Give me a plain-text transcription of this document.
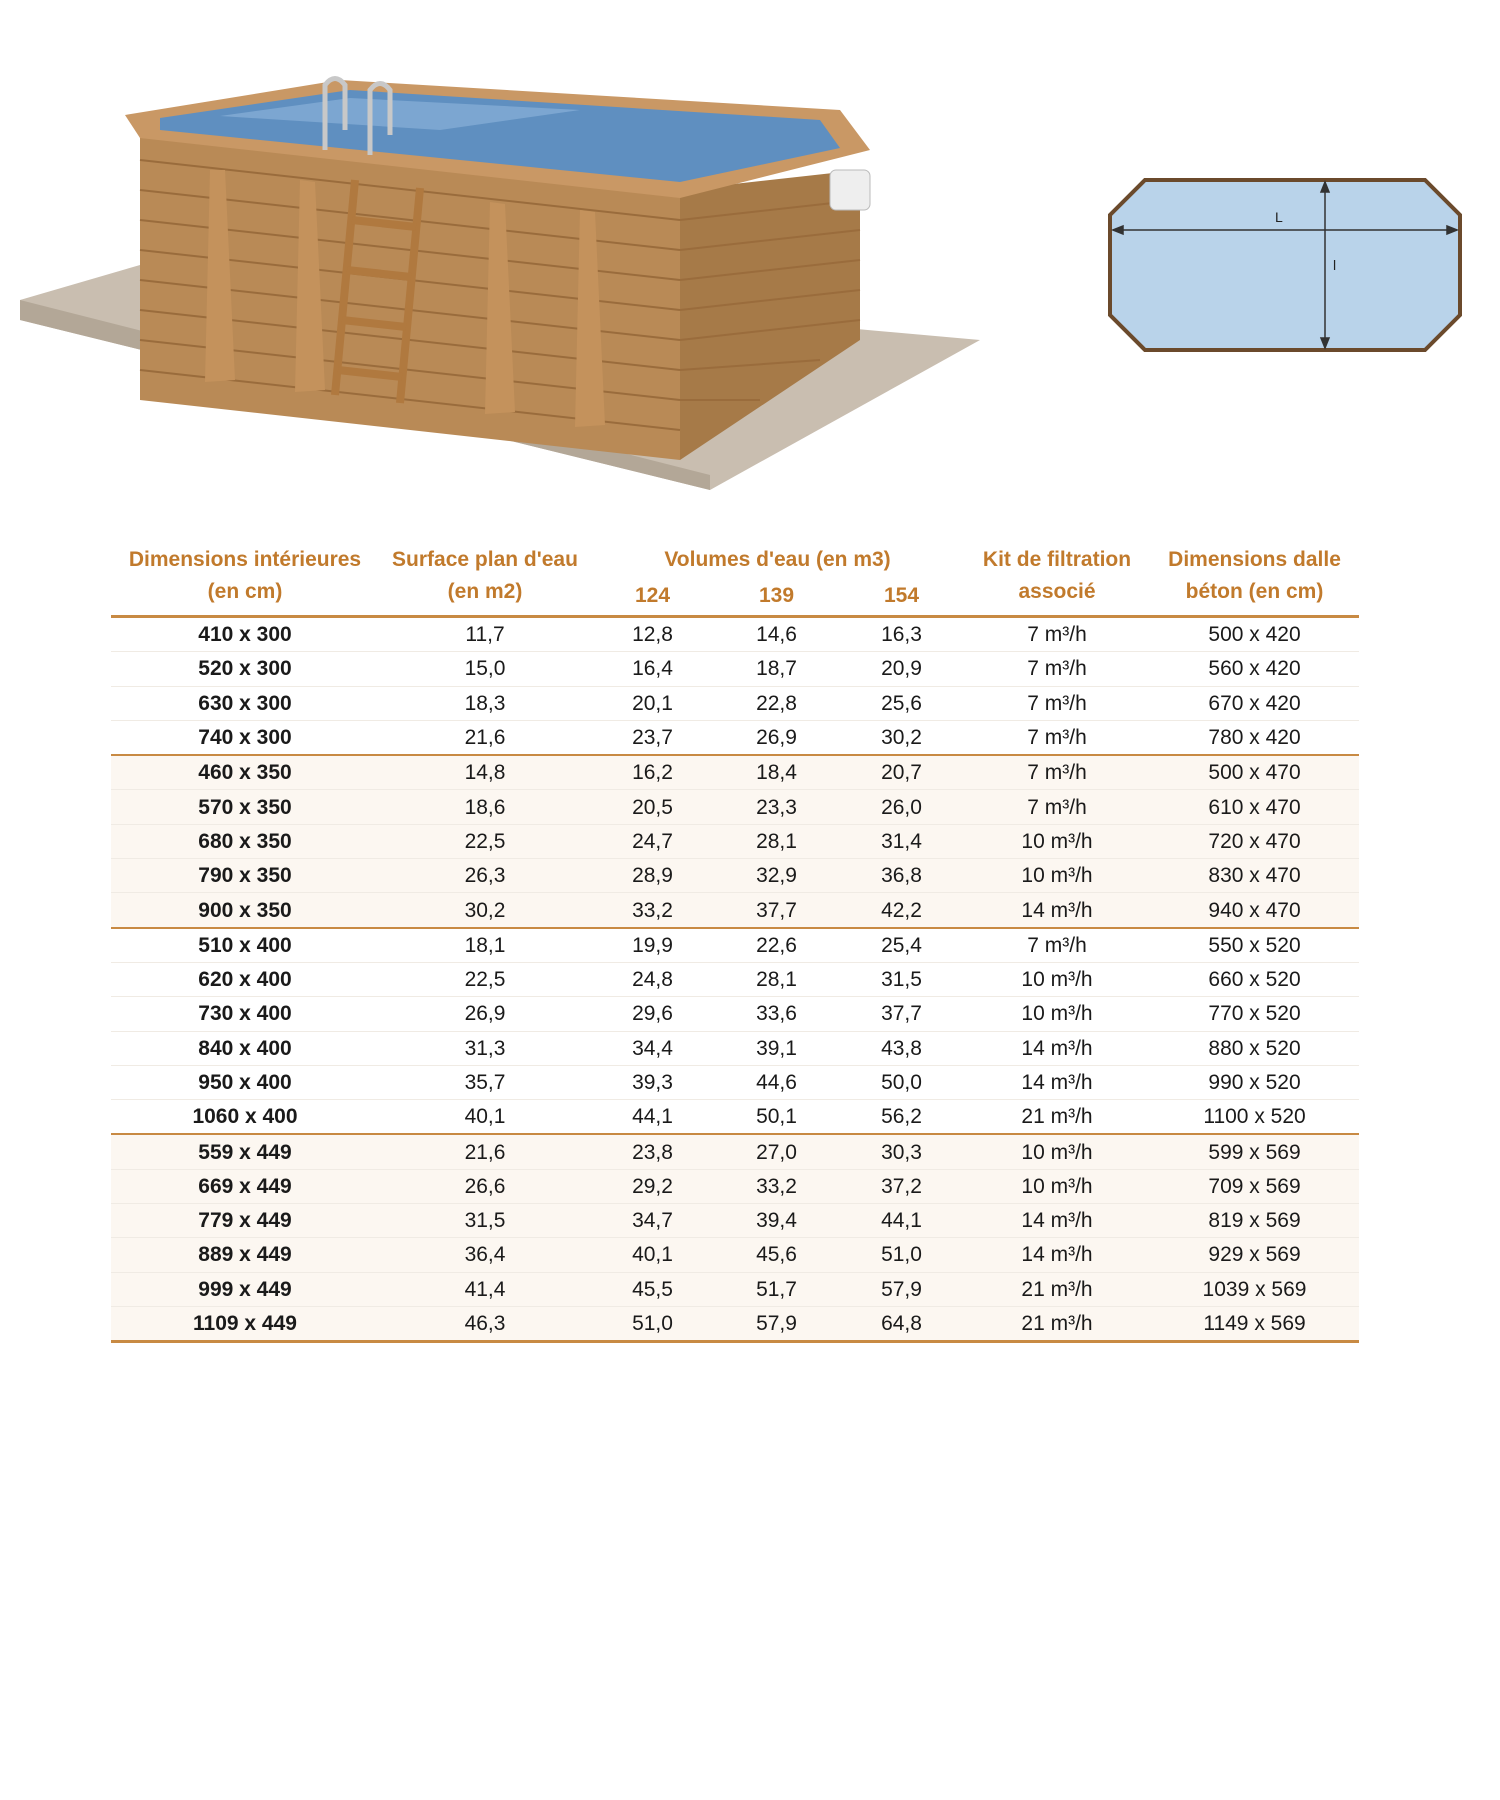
L
l
Dimensions intérieures	Surface plan d'eau	Volumes d'eau (en m3)			Kit de filtration	Dimensions dalle
(en cm)	(en m2)	124	139	154	associé	béton (en cm)
410 x 300	11,7	12,8	14,6	16,3	7 m³/h	500 x 420
520 x 300	15,0	16,4	18,7	20,9	7 m³/h	560 x 420
630 x 300	18,3	20,1	22,8	25,6	7 m³/h	670 x 420
740 x 300	21,6	23,7	26,9	30,2	7 m³/h	780 x 420
460 x 350	14,8	16,2	18,4	20,7	7 m³/h	500 x 470
570 x 350	18,6	20,5	23,3	26,0	7 m³/h	610 x 470
680 x 350	22,5	24,7	28,1	31,4	10 m³/h	720 x 470
790 x 350	26,3	28,9	32,9	36,8	10 m³/h	830 x 470
900 x 350	30,2	33,2	37,7	42,2	14 m³/h	940 x 470
510 x 400	18,1	19,9	22,6	25,4	7 m³/h	550 x 520
620 x 400	22,5	24,8	28,1	31,5	10 m³/h	660 x 520
730 x 400	26,9	29,6	33,6	37,7	10 m³/h	770 x 520
840 x 400	31,3	34,4	39,1	43,8	14 m³/h	880 x 520
950 x 400	35,7	39,3	44,6	50,0	14 m³/h	990 x 520
1060 x 400	40,1	44,1	50,1	56,2	21 m³/h	1100 x 520
559 x 449	21,6	23,8	27,0	30,3	10 m³/h	599 x 569
669 x 449	26,6	29,2	33,2	37,2	10 m³/h	709 x 569
779 x 449	31,5	34,7	39,4	44,1	14 m³/h	819 x 569
889 x 449	36,4	40,1	45,6	51,0	14 m³/h	929 x 569
999 x 449	41,4	45,5	51,7	57,9	21 m³/h	1039 x 569
1109 x 449	46,3	51,0	57,9	64,8	21 m³/h	1149 x 569
